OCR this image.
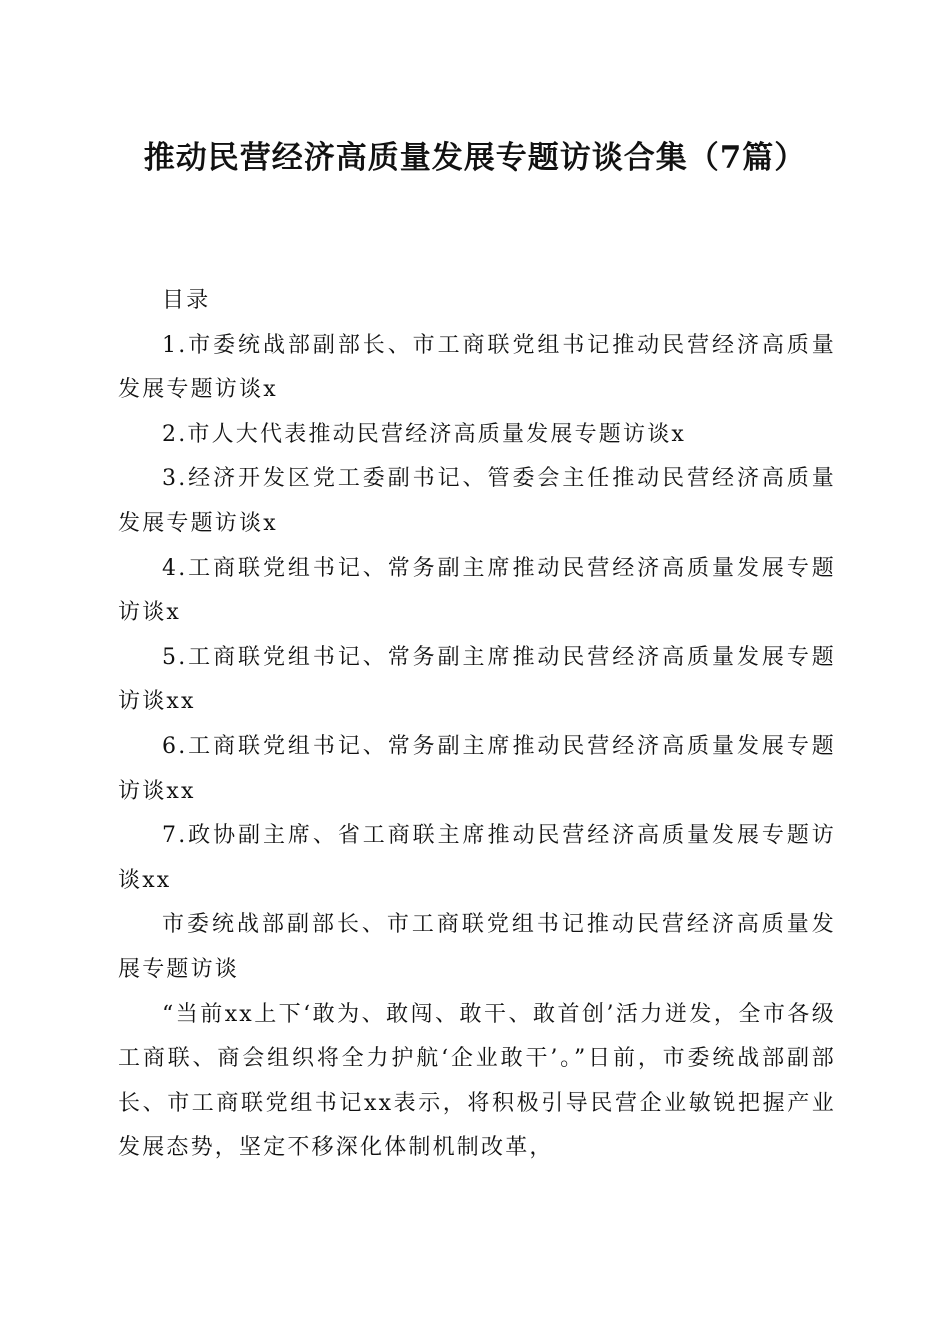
推动民营经济高质量发展专题访谈合集（7篇）

目录

1.市委统战部副部长、市工商联党组书记推动民营经济高质量发展专题访谈x

2.市人大代表推动民营经济高质量发展专题访谈x

3.经济开发区党工委副书记、管委会主任推动民营经济高质量发展专题访谈x

4.工商联党组书记、常务副主席推动民营经济高质量发展专题访谈x

5.工商联党组书记、常务副主席推动民营经济高质量发展专题访谈xx

6.工商联党组书记、常务副主席推动民营经济高质量发展专题访谈xx

7.政协副主席、省工商联主席推动民营经济高质量发展专题访谈xx

市委统战部副部长、市工商联党组书记推动民营经济高质量发展专题访谈

“当前xx上下‘敢为、敢闯、敢干、敢首创’活力迸发，全市各级工商联、商会组织将全力护航‘企业敢干’。”日前，市委统战部副部长、市工商联党组书记xx表示，将积极引导民营企业敏锐把握产业发展态势，坚定不移深化体制机制改革，
